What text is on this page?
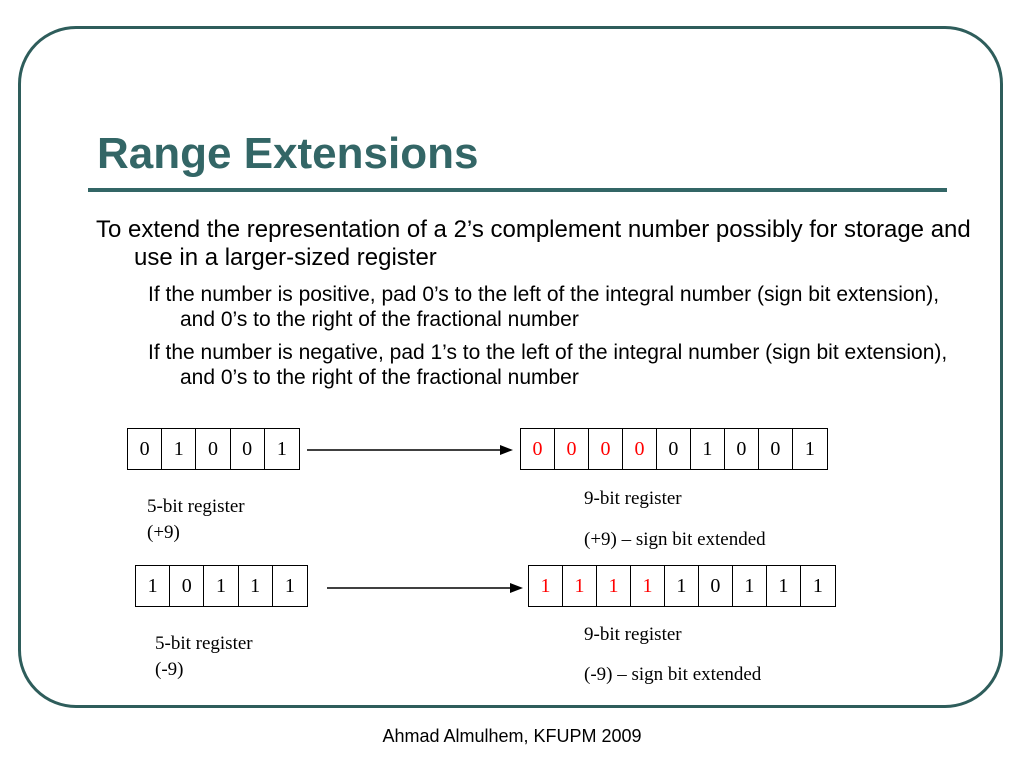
Range Extensions

To extend the representation of a 2’s complement number possibly for storage and use in a larger-sized register

If the number is positive, pad 0’s to the left of the integral number (sign bit extension), and 0’s to the right of the fractional number

If the number is negative, pad 1’s to the left of the integral number (sign bit extension), and 0’s to the right of the fractional number

0	1	0	0	1	0	0	0	0	0	1	0	0	1

5-bit register

(+9)

9-bit register

(+9) – sign bit extended

1	0	1	1	1	1	1	1	1	1	0	1	1	1

5-bit register

(-9)

9-bit register

(-9) – sign bit extended

Ahmad Almulhem, KFUPM 2009
